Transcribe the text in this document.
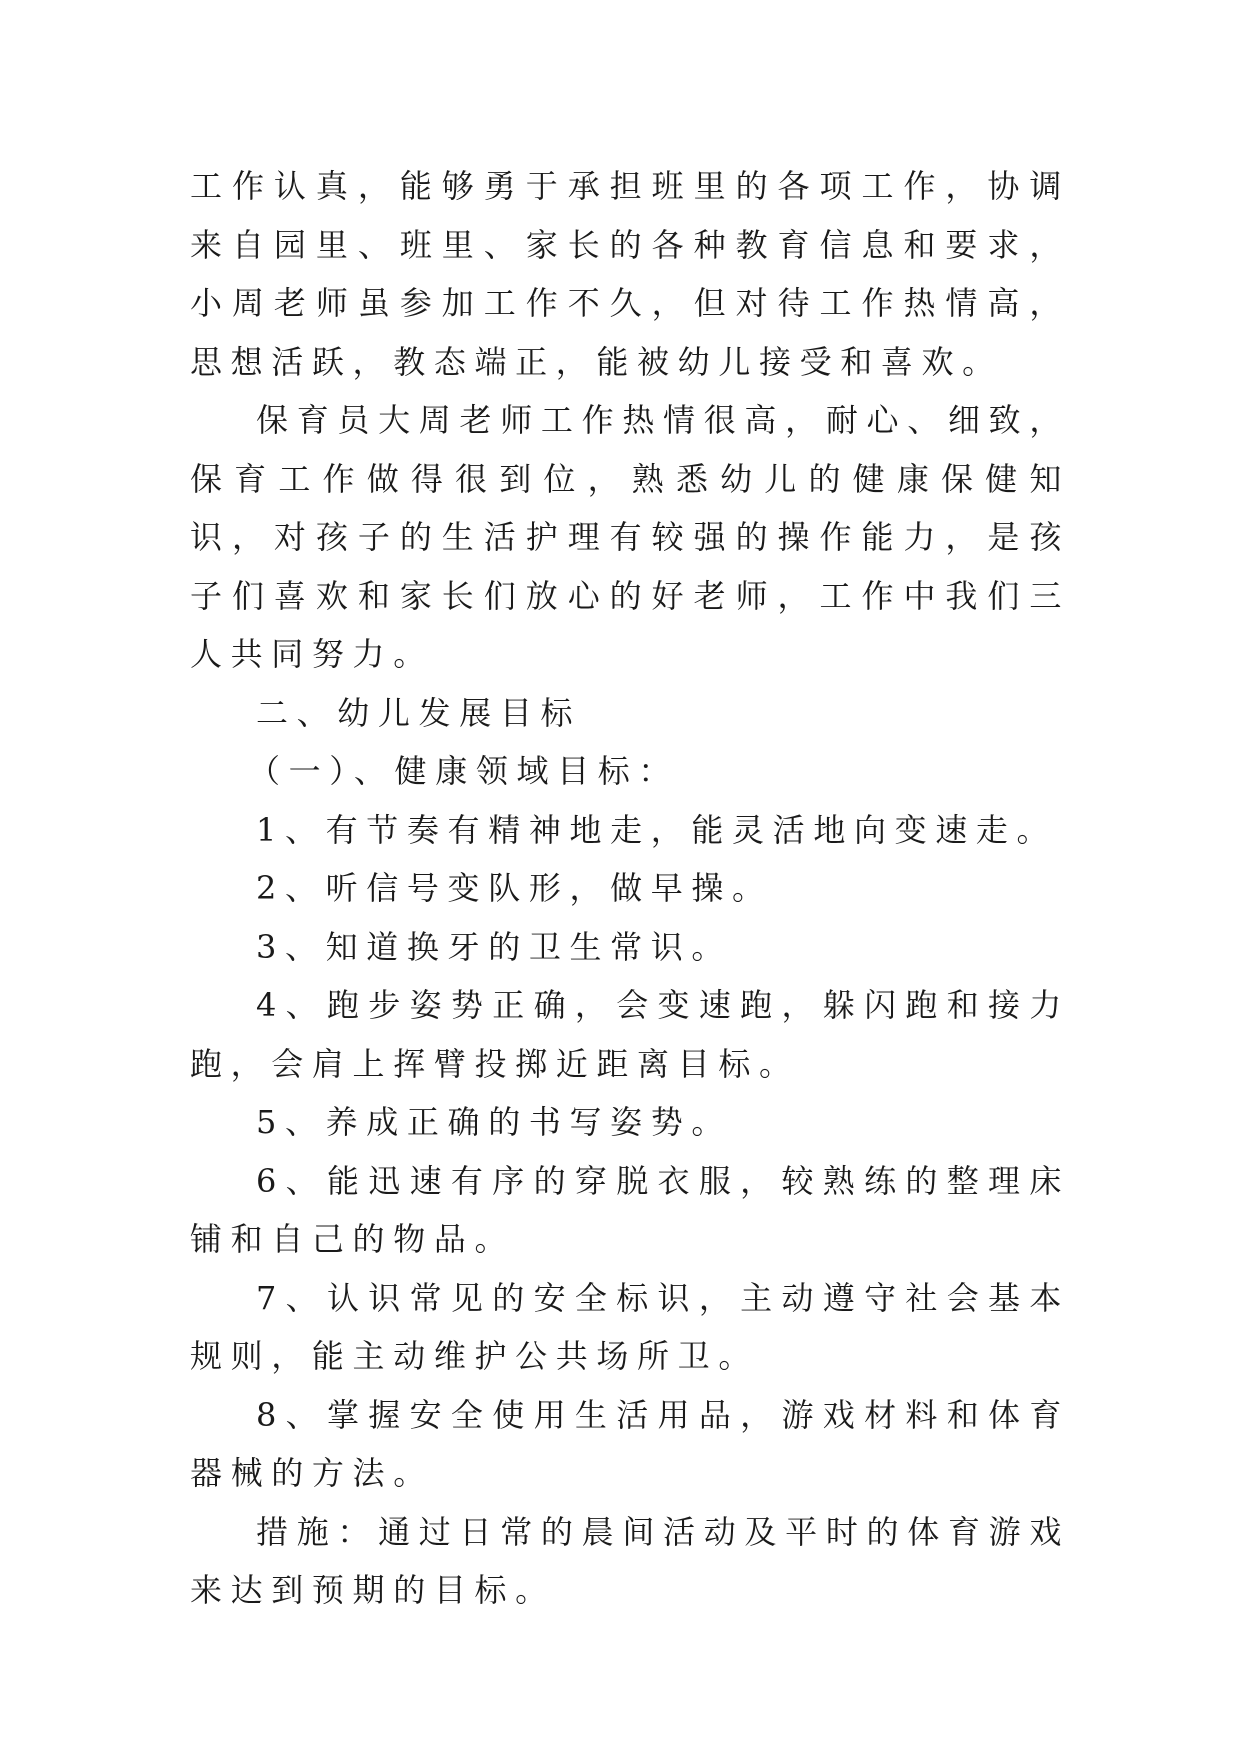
工作认真，能够勇于承担班里的各项工作，协调来自园里、班里、家长的各种教育信息和要求，小周老师虽参加工作不久，但对待工作热情高，思想活跃，教态端正，能被幼儿接受和喜欢。

保育员大周老师工作热情很高，耐心、细致，保育工作做得很到位，熟悉幼儿的健康保健知识，对孩子的生活护理有较强的操作能力，是孩子们喜欢和家长们放心的好老师，工作中我们三人共同努力。

二、幼儿发展目标

（一）、健康领域目标：

1、有节奏有精神地走，能灵活地向变速走。

2、听信号变队形，做早操。

3、知道换牙的卫生常识。

4、跑步姿势正确，会变速跑，躲闪跑和接力跑，会肩上挥臂投掷近距离目标。

5、养成正确的书写姿势。

6、能迅速有序的穿脱衣服，较熟练的整理床铺和自己的物品。

7、认识常见的安全标识，主动遵守社会基本规则，能主动维护公共场所卫。

8、掌握安全使用生活用品，游戏材料和体育器械的方法。

措施：通过日常的晨间活动及平时的体育游戏来达到预期的目标。
